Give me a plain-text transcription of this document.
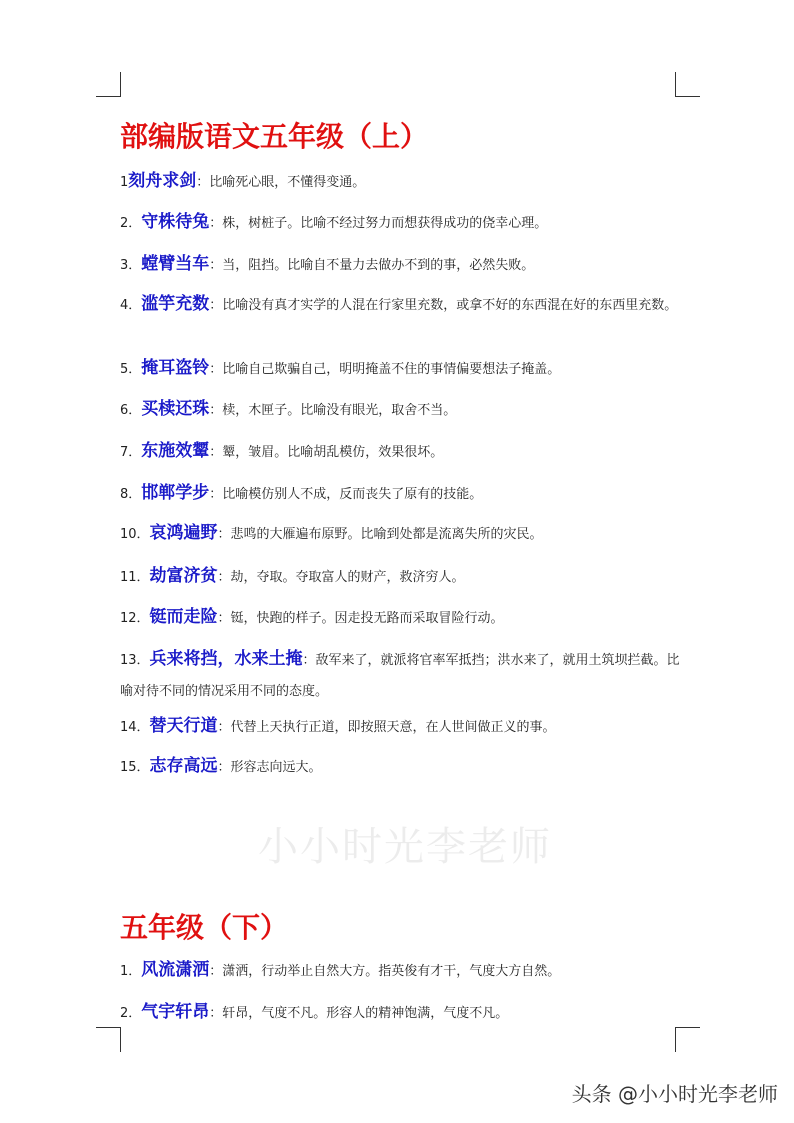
小小时光李老师
部编版语文五年级（上）
五年级（下）
1刻舟求剑：比喻死心眼，不懂得变通。
2．守株待兔：株，树桩子。比喻不经过努力而想获得成功的侥幸心理。
3．螳臂当车：当，阻挡。比喻自不量力去做办不到的事，必然失败。
4．滥竽充数：比喻没有真才实学的人混在行家里充数，或拿不好的东西混在好的东西里充数。
5．掩耳盗铃：比喻自己欺骗自己，明明掩盖不住的事情偏要想法子掩盖。
6．买椟还珠：椟，木匣子。比喻没有眼光，取舍不当。
7．东施效颦：颦，皱眉。比喻胡乱模仿，效果很坏。
8．邯郸学步：比喻模仿别人不成，反而丧失了原有的技能。
10．哀鸿遍野：悲鸣的大雁遍布原野。比喻到处都是流离失所的灾民。
11．劫富济贫：劫，夺取。夺取富人的财产，救济穷人。
12．铤而走险：铤，快跑的样子。因走投无路而采取冒险行动。
13．兵来将挡，水来土掩：敌军来了，就派将官率军抵挡；洪水来了，就用土筑坝拦截。比喻对待不同的情况采用不同的态度。
14．替天行道：代替上天执行正道，即按照天意，在人世间做正义的事。
15．志存高远：形容志向远大。
1．风流潇洒：潇洒，行动举止自然大方。指英俊有才干，气度大方自然。
2．气宇轩昂：轩昂，气度不凡。形容人的精神饱满，气度不凡。
头条 @小小时光李老师
